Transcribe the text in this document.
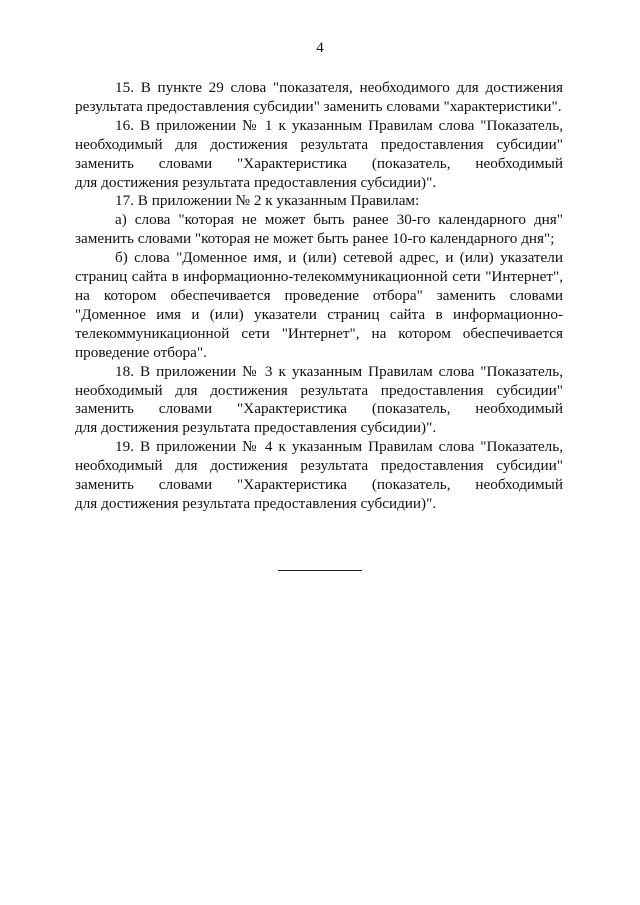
4
15. В пункте 29 слова "показателя, необходимого для достижения
результата предоставления субсидии" заменить словами "характеристики".
16. В приложении № 1 к указанным Правилам слова "Показатель,
необходимый для достижения результата предоставления субсидии"
заменить словами "Характеристика (показатель, необходимый
для достижения результата предоставления субсидии)".
17. В приложении № 2 к указанным Правилам:
а) слова "которая не может быть ранее 30-го календарного дня"
заменить словами "которая не может быть ранее 10-го календарного дня";
б) слова "Доменное имя, и (или) сетевой адрес, и (или) указатели
страниц сайта в информационно-телекоммуникационной сети "Интернет",
на котором обеспечивается проведение отбора" заменить словами
"Доменное имя и (или) указатели страниц сайта в информационно-
телекоммуникационной сети "Интернет", на котором обеспечивается
проведение отбора".
18. В приложении № 3 к указанным Правилам слова "Показатель,
необходимый для достижения результата предоставления субсидии"
заменить словами "Характеристика (показатель, необходимый
для достижения результата предоставления субсидии)".
19. В приложении № 4 к указанным Правилам слова "Показатель,
необходимый для достижения результата предоставления субсидии"
заменить словами "Характеристика (показатель, необходимый
для достижения результата предоставления субсидии)".
